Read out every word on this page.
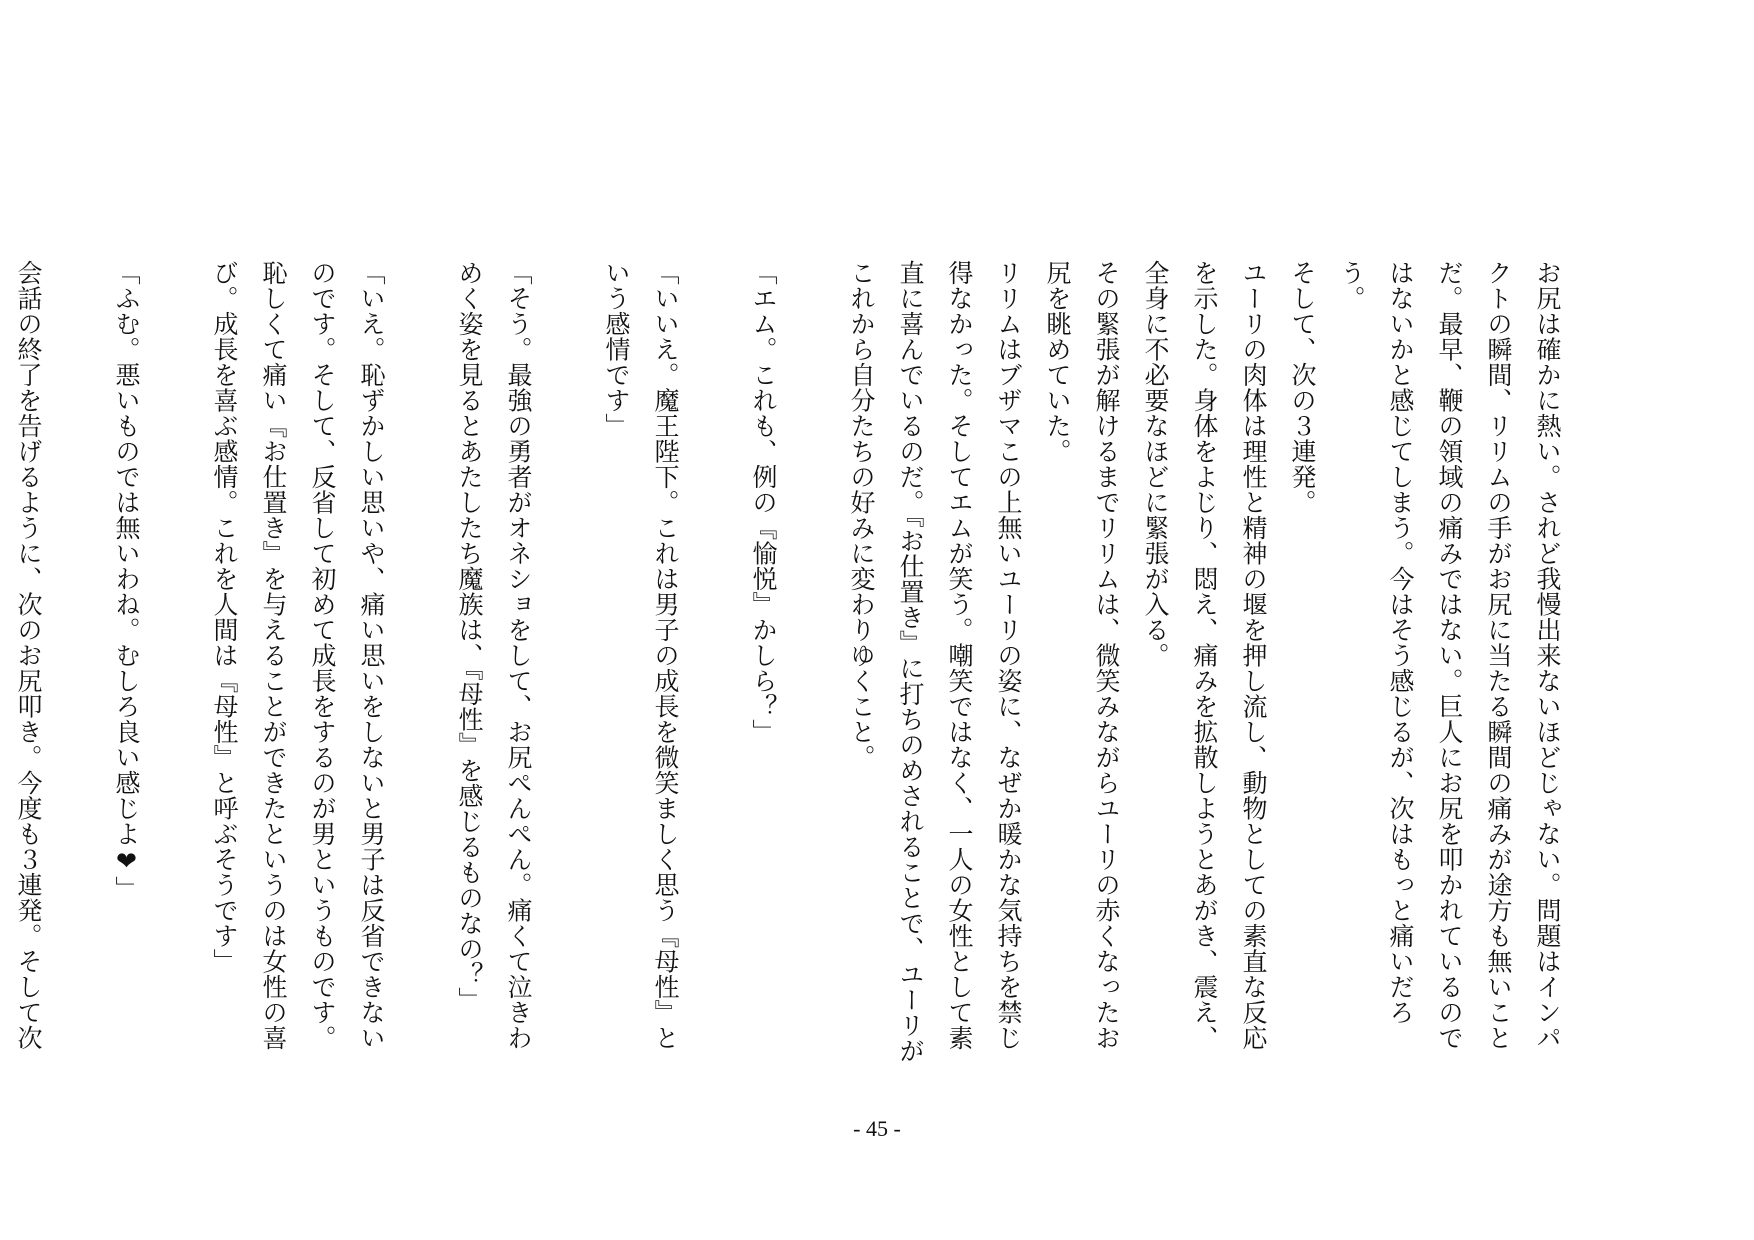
お尻は確かに熱い。されど我慢出来ないほどじゃない。問題はインパクトの瞬間、リリムの手がお尻に当たる瞬間の痛みが途方も無いことだ。最早、鞭の領域の痛みではない。巨人にお尻を叩かれているのではないかと感じてしまう。今はそう感じるが、次はもっと痛いだろう。

そして、次の３連発。

ユーリの肉体は理性と精神の堰を押し流し、動物としての素直な反応を示した。身体をよじり、悶え、痛みを拡散しようとあがき、震え、全身に不必要なほどに緊張が入る。

その緊張が解けるまでリリムは、微笑みながらユーリの赤くなったお尻を眺めていた。

リリムはブザマこの上無いユーリの姿に、なぜか暖かな気持ちを禁じ得なかった。そしてエムが笑う。嘲笑ではなく、一人の女性として素直に喜んでいるのだ。『お仕置き』に打ちのめされることで、ユーリがこれから自分たちの好みに変わりゆくこと。

「エム。これも、例の『愉悦』かしら？」

「いいえ。魔王陛下。これは男子の成長を微笑ましく思う『母性』という感情です」

「そう。最強の勇者がオネショをして、お尻ぺんぺん。痛くて泣きわめく姿を見るとあたしたち魔族は、『母性』を感じるものなの？」

「いえ。恥ずかしい思いや、痛い思いをしないと男子は反省できないのです。そして、反省して初めて成長をするのが男というものです。恥しくて痛い『お仕置き』を与えることができたというのは女性の喜び。成長を喜ぶ感情。これを人間は『母性』と呼ぶそうです」

「ふむ。悪いものでは無いわね。むしろ良い感じよ❤」

会話の終了を告げるように、次のお尻叩き。今度も３連発。そして次

- 45 -
